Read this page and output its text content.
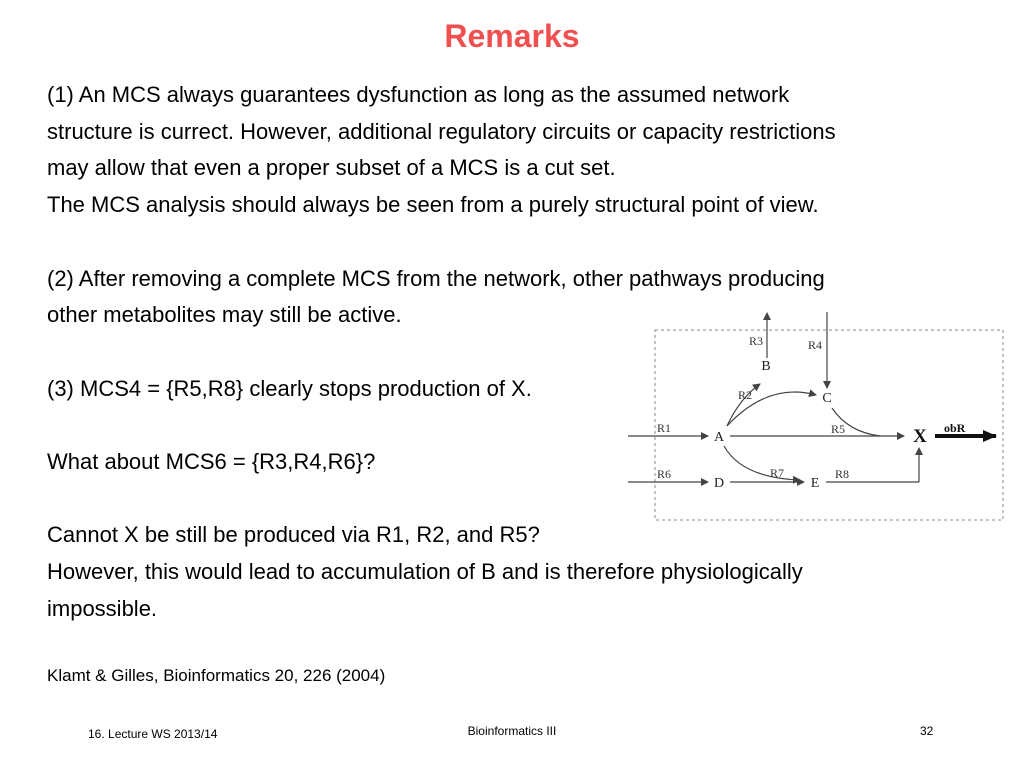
Remarks

(1) An MCS always guarantees dysfunction as long as the assumed network

structure is currect. However, additional regulatory circuits or capacity restrictions

may allow that even a proper subset of a MCS is a cut set.

The MCS analysis should always be seen from a purely structural point of view.

(2) After removing a complete MCS from the network, other pathways producing

other metabolites may still be active.

(3) MCS4 = {R5,R8} clearly stops production of X.

What about MCS6 = {R3,R4,R6}?

Cannot X be still be produced via R1, R2, and R5?

However, this would lead to accumulation of B and is therefore physiologically

impossible.

Klamt & Gilles, Bioinformatics 20, 226 (2004)
A
B
C
D	E
X
R1
R2
R3	R4
R5
R6	R7	R8
obR
16. Lecture WS 2013/14	Bioinformatics III	32
